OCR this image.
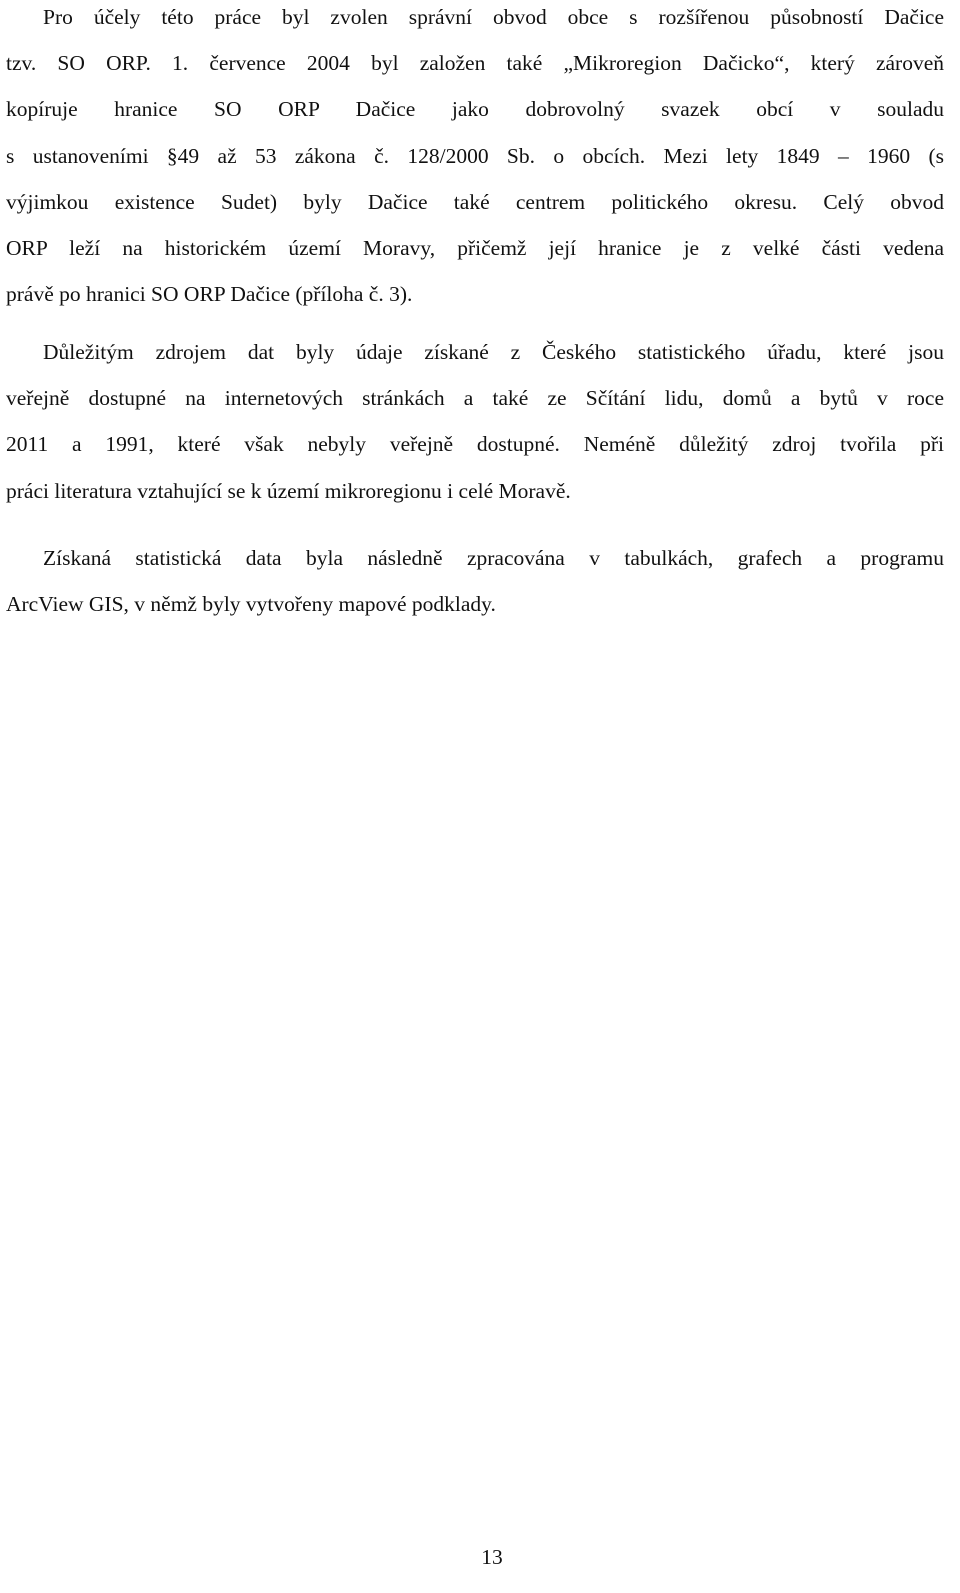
Pro účely této práce byl zvolen správní obvod obce s rozšířenou působností Dačice
tzv. SO ORP. 1. července 2004 byl založen také „Mikroregion Dačicko“, který zároveň
kopíruje hranice SO ORP Dačice jako dobrovolný svazek obcí v souladu
s ustanoveními §49 až 53 zákona č. 128/2000 Sb. o obcích. Mezi lety 1849 – 1960 (s
výjimkou existence Sudet) byly Dačice také centrem politického okresu. Celý obvod
ORP leží na historickém území Moravy, přičemž její hranice je z velké části vedena
právě po hranici SO ORP Dačice (příloha č. 3).
Důležitým zdrojem dat byly údaje získané z Českého statistického úřadu, které jsou
veřejně dostupné na internetových stránkách a také ze Sčítání lidu, domů a bytů v roce
2011 a 1991, které však nebyly veřejně dostupné. Neméně důležitý zdroj tvořila při
práci literatura vztahující se k území mikroregionu i celé Moravě.
Získaná statistická data byla následně zpracována v tabulkách, grafech a programu
ArcView GIS, v němž byly vytvořeny mapové podklady.
13
